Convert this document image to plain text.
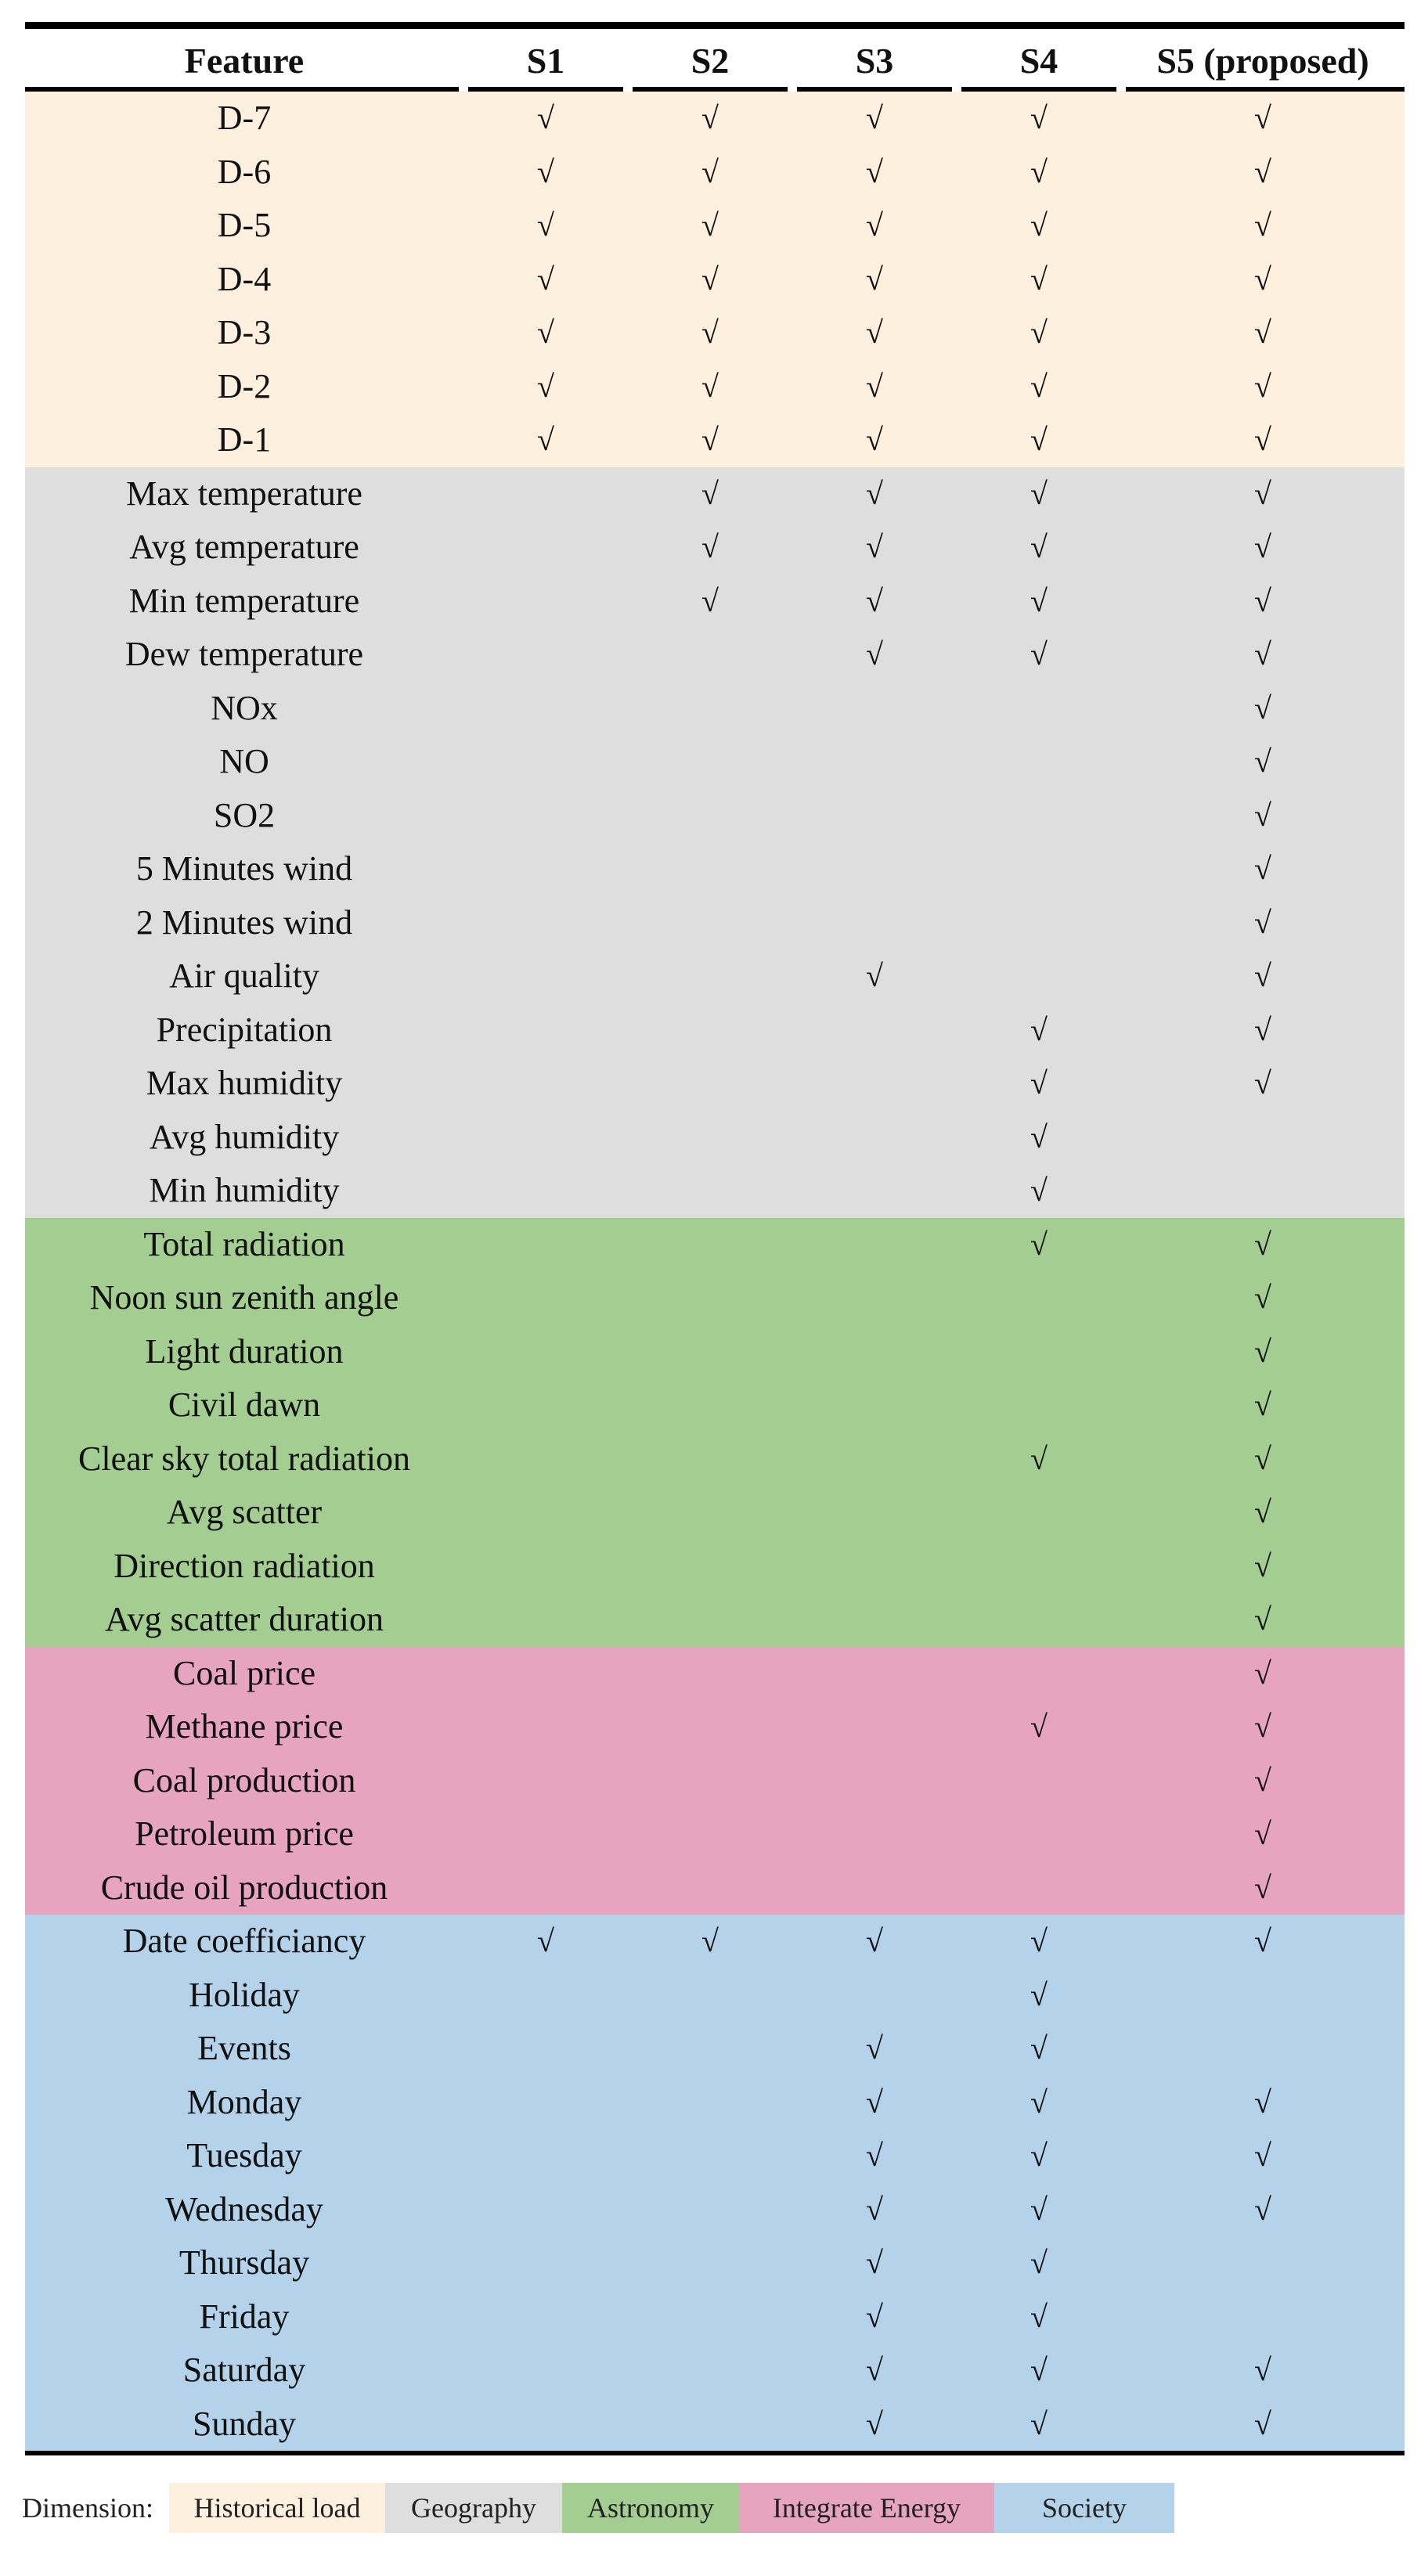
Feature	S1	S2	S3	S4	S5 (proposed)
D-7	√	√	√	√	√
D-6	√	√	√	√	√
D-5	√	√	√	√	√
D-4	√	√	√	√	√
D-3	√	√	√	√	√
D-2	√	√	√	√	√
D-1	√	√	√	√	√
Max temperature		√	√	√	√
Avg temperature		√	√	√	√
Min temperature		√	√	√	√
Dew temperature			√	√	√
NOx					√
NO					√
SO2					√
5 Minutes wind					√
2 Minutes wind					√
Air quality			√		√
Precipitation				√	√
Max humidity				√	√
Avg humidity				√	
Min humidity				√	
Total radiation				√	√
Noon sun zenith angle					√
Light duration					√
Civil dawn					√
Clear sky total radiation				√	√
Avg scatter					√
Direction radiation					√
Avg scatter duration					√
Coal price					√
Methane price				√	√
Coal production					√
Petroleum price					√
Crude oil production					√
Date coefficiancy	√	√	√	√	√
Holiday				√	
Events			√	√	
Monday			√	√	√
Tuesday			√	√	√
Wednesday			√	√	√
Thursday			√	√	
Friday			√	√	
Saturday			√	√	√
Sunday			√	√	√
Dimension:	Historical load	Geography	Astronomy	Integrate Energy	Society
